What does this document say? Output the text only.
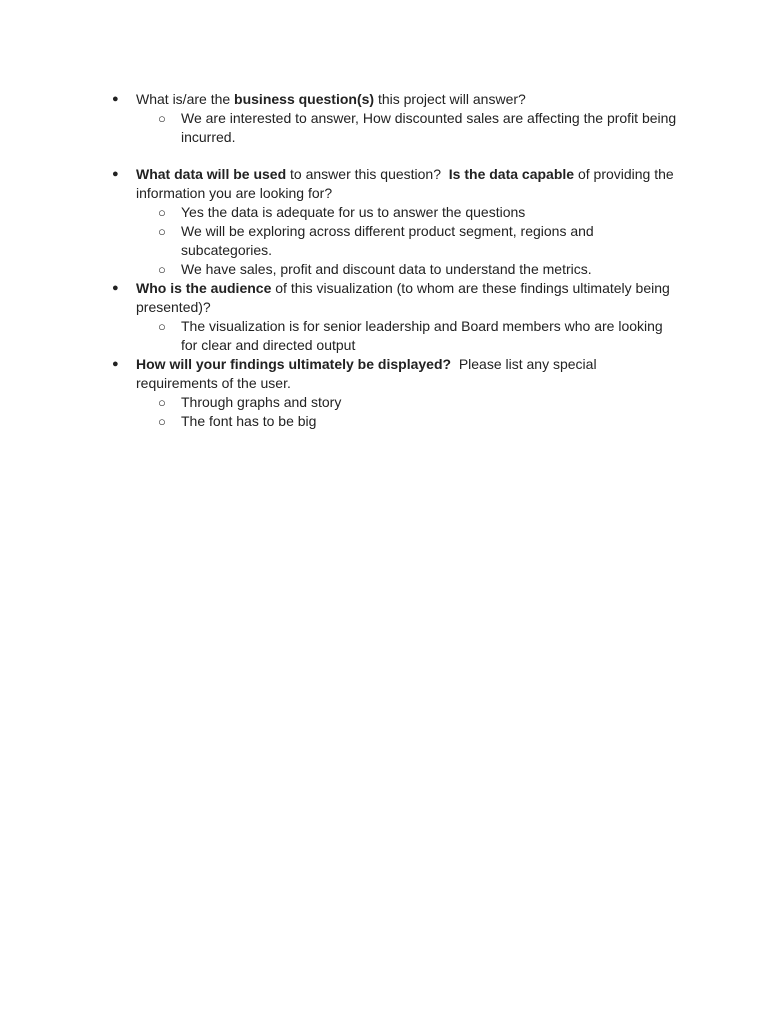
● What is/are the business question(s) this project will answer?
○ We are interested to answer, How discounted sales are affecting the profit being incurred.
● What data will be used to answer this question?  Is the data capable of providing the information you are looking for?
○ Yes the data is adequate for us to answer the questions
○ We will be exploring across different product segment, regions and subcategories.
○ We have sales, profit and discount data to understand the metrics.
● Who is the audience of this visualization (to whom are these findings ultimately being presented)?
○ The visualization is for senior leadership and Board members who are looking for clear and directed output
● How will your findings ultimately be displayed?  Please list any special requirements of the user.
○ Through graphs and story
○ The font has to be big
